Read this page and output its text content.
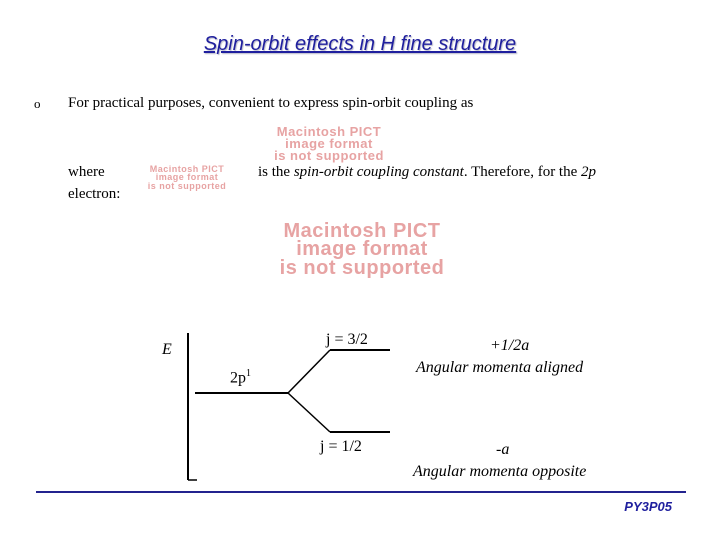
Spin-orbit effects in H fine structure
o For practical purposes, convenient to express spin-orbit coupling as
Macintosh PICT
image format
is not supported
where	Macintosh PICT
image format
is not supported
is the spin-orbit coupling constant. Therefore, for the 2p
electron:
Macintosh PICT
image format
is not supported
E
$2p^1$
j = 3/2
j = 1/2
+1/2a
Angular momenta aligned
-a
Angular momenta opposite
PY3P05
